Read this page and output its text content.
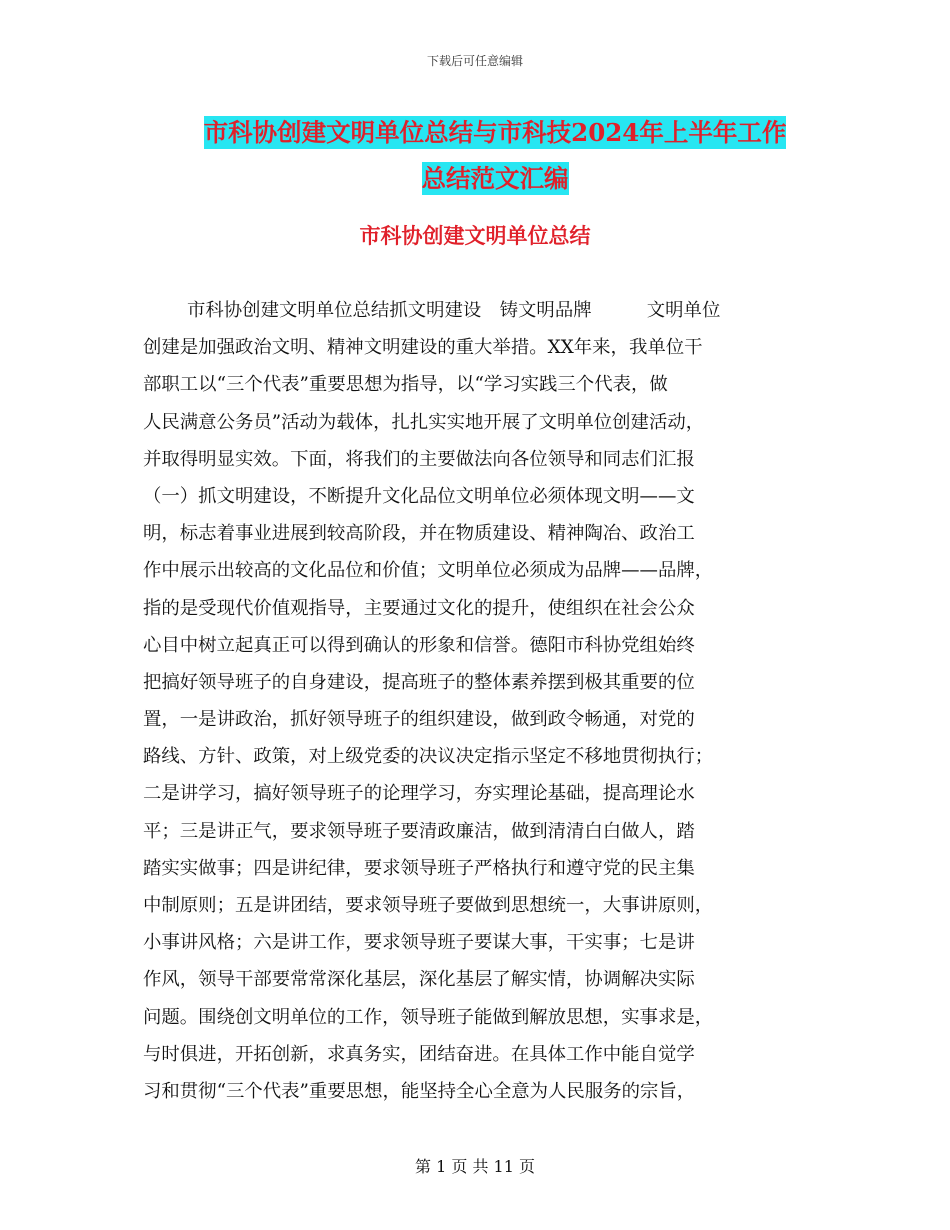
下载后可任意编辑
市科协创建文明单位总结与市科技2024年上半年工作
总结范文汇编
市科协创建文明单位总结
市科协创建文明单位总结抓文明建设　铸文明品牌　　　文明单位
创建是加强政治文明、精神文明建设的重大举措。XX年来，我单位干
部职工以“三个代表”重要思想为指导，以“学习实践三个代表，做
人民满意公务员”活动为载体，扎扎实实地开展了文明单位创建活动，
并取得明显实效。下面，将我们的主要做法向各位领导和同志们汇报
（一）抓文明建设，不断提升文化品位文明单位必须体现文明——文
明，标志着事业进展到较高阶段，并在物质建设、精神陶冶、政治工
作中展示出较高的文化品位和价值；文明单位必须成为品牌——品牌，
指的是受现代价值观指导，主要通过文化的提升，使组织在社会公众
心目中树立起真正可以得到确认的形象和信誉。德阳市科协党组始终
把搞好领导班子的自身建设，提高班子的整体素养摆到极其重要的位
置，一是讲政治，抓好领导班子的组织建设，做到政令畅通，对党的
路线、方针、政策，对上级党委的决议决定指示坚定不移地贯彻执行；
二是讲学习，搞好领导班子的论理学习，夯实理论基础，提高理论水
平；三是讲正气，要求领导班子要清政廉洁，做到清清白白做人，踏
踏实实做事；四是讲纪律，要求领导班子严格执行和遵守党的民主集
中制原则；五是讲团结，要求领导班子要做到思想统一，大事讲原则，
小事讲风格；六是讲工作，要求领导班子要谋大事，干实事；七是讲
作风，领导干部要常常深化基层，深化基层了解实情，协调解决实际
问题。围绕创文明单位的工作，领导班子能做到解放思想，实事求是，
与时俱进，开拓创新，求真务实，团结奋进。在具体工作中能自觉学
习和贯彻“三个代表”重要思想，能坚持全心全意为人民服务的宗旨，
第 1 页 共 11 页
